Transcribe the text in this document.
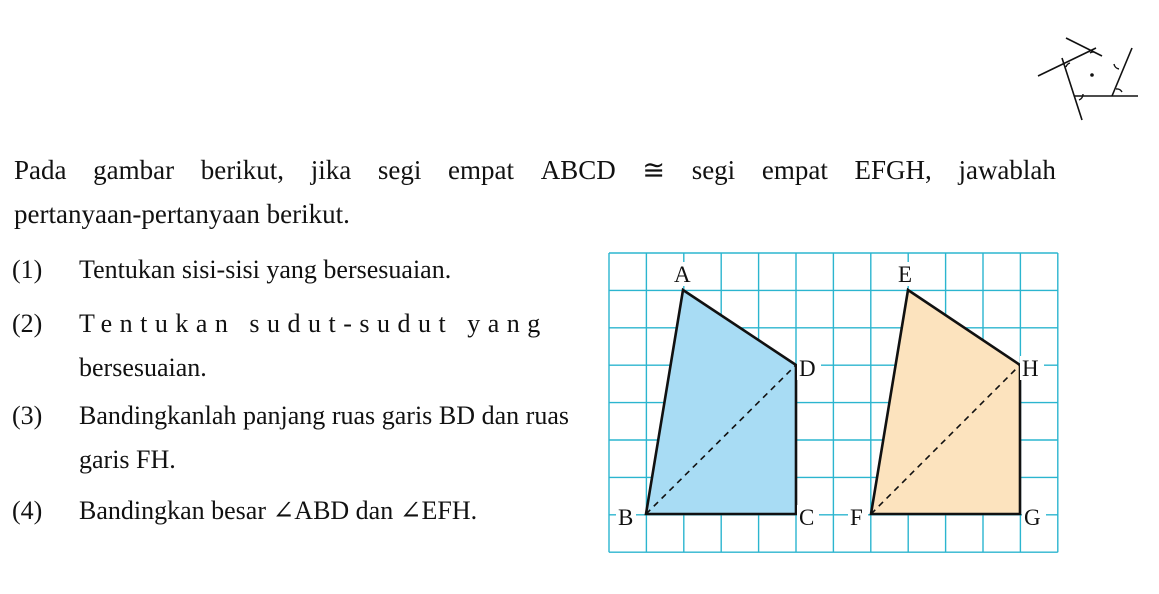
Pada gambar berikut, jika segi empat ABCD ≅ segi empat EFGH, jawablah
pertanyaan-pertanyaan berikut.
(1) Tentukan sisi-sisi yang bersesuaian.
(2) Tentukan sudut-sudut yang
bersesuaian.
(3) Bandingkanlah panjang ruas garis BD dan ruas garis FH.
(4) Bandingkan besar ∠ABD dan ∠EFH.
A
D
B	C
E
H
F	G
